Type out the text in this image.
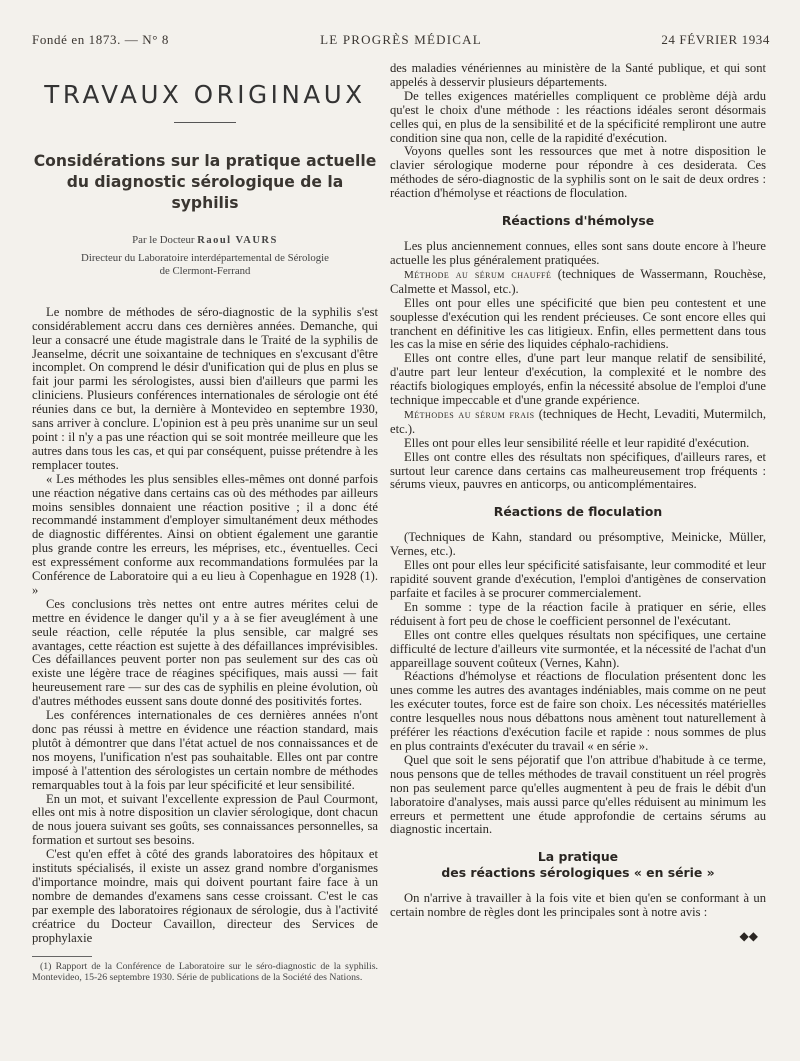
Fondé en 1873. — N° 8	LE PROGRÈS MÉDICAL	24 FÉVRIER 1934
TRAVAUX ORIGINAUX
Considérations sur la pratique actuelle
du diagnostic sérologique de la syphilis
Par le Docteur Raoul VAURS
Directeur du Laboratoire interdépartemental de Sérologie
de Clermont-Ferrand

Le nombre de méthodes de séro-diagnostic de la syphilis s'est considérablement accru dans ces dernières années. Demanche, qui leur a consacré une étude magistrale dans le Traité de la syphilis de Jeanselme, décrit une soixantaine de techniques en s'excusant d'être incomplet. On comprend le désir d'unification qui de plus en plus se fait jour parmi les sérologistes, aussi bien d'ailleurs que parmi les cliniciens. Plusieurs conférences internationales de sérologie ont été réunies dans ce but, la dernière à Montevideo en septembre 1930, sans arriver à conclure. L'opinion est à peu près unanime sur un seul point : il n'y a pas une réaction qui se soit montrée meilleure que les autres dans tous les cas, et qui par conséquent, puisse prétendre à les remplacer toutes.

« Les méthodes les plus sensibles elles-mêmes ont donné parfois une réaction négative dans certains cas où des méthodes par ailleurs moins sensibles donnaient une réaction positive ; il a donc été recommandé instamment d'employer simultanément deux méthodes de diagnostic différentes. Ainsi on obtient également une garantie plus grande contre les erreurs, les méprises, etc., éventuelles. Ceci est expressément conforme aux recommandations formulées par la Conférence de Laboratoire qui a eu lieu à Copenhague en 1928 (1). »

Ces conclusions très nettes ont entre autres mérites celui de mettre en évidence le danger qu'il y a à se fier aveuglément à une seule réaction, celle réputée la plus sensible, car malgré ses avantages, cette réaction est sujette à des défaillances imprévisibles. Ces défaillances peuvent porter non pas seulement sur des cas où existe une légère trace de réagines spécifiques, mais aussi — fait heureusement rare — sur des cas de syphilis en pleine évolution, où d'autres méthodes eussent sans doute donné des positivités fortes.

Les conférences internationales de ces dernières années n'ont donc pas réussi à mettre en évidence une réaction standard, mais plutôt à démontrer que dans l'état actuel de nos connaissances et de nos moyens, l'unification n'est pas souhaitable. Elles ont par contre imposé à l'attention des sérologistes un certain nombre de méthodes remarquables tout à la fois par leur spécificité et leur sensibilité.

En un mot, et suivant l'excellente expression de Paul Courmont, elles ont mis à notre disposition un clavier sérologique, dont chacun de nous jouera suivant ses goûts, ses connaissances personnelles, sa formation et surtout ses besoins.

C'est qu'en effet à côté des grands laboratoires des hôpitaux et instituts spécialisés, il existe un assez grand nombre d'organismes d'importance moindre, mais qui doivent pourtant faire face à un nombre de demandes d'examens sans cesse croissant. C'est le cas par exemple des laboratoires régionaux de sérologie, dus à l'activité créatrice du Docteur Cavaillon, directeur des Services de prophylaxie

(1) Rapport de la Conférence de Laboratoire sur le séro-diagnostic de la syphilis. Montevideo, 15-26 septembre 1930. Série de publications de la Société des Nations.

des maladies vénériennes au ministère de la Santé publique, et qui sont appelés à desservir plusieurs départements.

De telles exigences matérielles compliquent ce problème déjà ardu qu'est le choix d'une méthode : les réactions idéales seront désormais celles qui, en plus de la sensibilité et de la spécificité rempliront une autre condition sine qua non, celle de la rapidité d'exécution.

Voyons quelles sont les ressources que met à notre disposition le clavier sérologique moderne pour répondre à ces desiderata. Ces méthodes de séro-diagnostic de la syphilis sont on le sait de deux ordres : réaction d'hémolyse et réactions de floculation.

Réactions d'hémolyse

Les plus anciennement connues, elles sont sans doute encore à l'heure actuelle les plus généralement pratiquées.

Méthode au sérum chauffé (techniques de Wassermann, Rouchèse, Calmette et Massol, etc.).

Elles ont pour elles une spécificité que bien peu contestent et une souplesse d'exécution qui les rendent précieuses. Ce sont encore elles qui tranchent en définitive les cas litigieux. Enfin, elles permettent dans tous les cas la mise en série des liquides céphalo-rachidiens.

Elles ont contre elles, d'une part leur manque relatif de sensibilité, d'autre part leur lenteur d'exécution, la complexité et le nombre des réactifs biologiques employés, enfin la nécessité absolue de l'emploi d'une technique impeccable et d'une grande expérience.

Méthodes au sérum frais (techniques de Hecht, Levaditi, Mutermilch, etc.).

Elles ont pour elles leur sensibilité réelle et leur rapidité d'exécution.

Elles ont contre elles des résultats non spécifiques, d'ailleurs rares, et surtout leur carence dans certains cas malheureusement trop fréquents : sérums vieux, pauvres en anticorps, ou anticomplémentaires.

Réactions de floculation

(Techniques de Kahn, standard ou présomptive, Meinicke, Müller, Vernes, etc.).

Elles ont pour elles leur spécificité satisfaisante, leur commodité et leur rapidité souvent grande d'exécution, l'emploi d'antigènes de conservation parfaite et faciles à se procurer commercialement.

En somme : type de la réaction facile à pratiquer en série, elles réduisent à fort peu de chose le coefficient personnel de l'exécutant.

Elles ont contre elles quelques résultats non spécifiques, une certaine difficulté de lecture d'ailleurs vite surmontée, et la nécessité de l'achat d'un appareillage souvent coûteux (Vernes, Kahn).

Réactions d'hémolyse et réactions de floculation présentent donc les unes comme les autres des avantages indéniables, mais comme on ne peut les exécuter toutes, force est de faire son choix. Les nécessités matérielles contre lesquelles nous nous débattons nous amènent tout naturellement à préférer les réactions d'exécution facile et rapide : nous sommes de plus en plus contraints d'exécuter du travail « en série ».

Quel que soit le sens péjoratif que l'on attribue d'habitude à ce terme, nous pensons que de telles méthodes de travail constituent un réel progrès non pas seulement parce qu'elles augmentent à peu de frais le débit d'un laboratoire d'analyses, mais aussi parce qu'elles réduisent au minimum les erreurs et permettent une étude approfondie de certains sérums au diagnostic incertain.

La pratique
des réactions sérologiques « en série »

On n'arrive à travailler à la fois vite et bien qu'en se conformant à un certain nombre de règles dont les principales sont à notre avis :

◆◆
